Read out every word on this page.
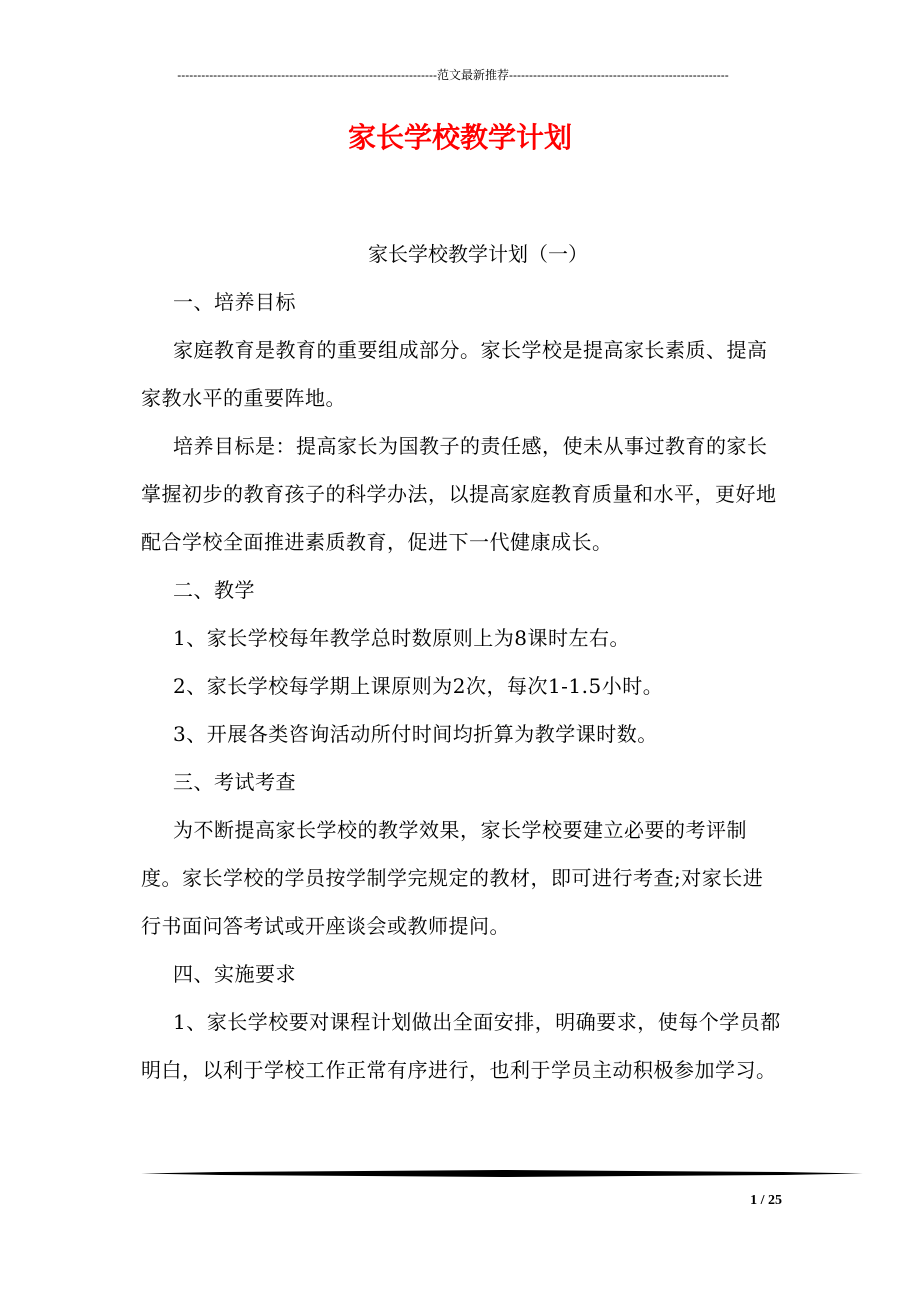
-----------------------------------------------------------------范文最新推荐-------------------------------------------------------
家长学校教学计划

家长学校教学计划（一）

一、培养目标

家庭教育是教育的重要组成部分。家长学校是提高家长素质、提高家教水平的重要阵地。

培养目标是：提高家长为国教子的责任感，使未从事过教育的家长掌握初步的教育孩子的科学办法，以提高家庭教育质量和水平，更好地配合学校全面推进素质教育，促进下一代健康成长。

二、教学

1、家长学校每年教学总时数原则上为8课时左右。

2、家长学校每学期上课原则为2次，每次1-1.5小时。

3、开展各类咨询活动所付时间均折算为教学课时数。

三、考试考查

为不断提高家长学校的教学效果，家长学校要建立必要的考评制度。家长学校的学员按学制学完规定的教材，即可进行考查;对家长进行书面问答考试或开座谈会或教师提问。

四、实施要求

1、家长学校要对课程计划做出全面安排，明确要求，使每个学员都明白，以利于学校工作正常有序进行，也利于学员主动积极参加学习。

1 / 25
